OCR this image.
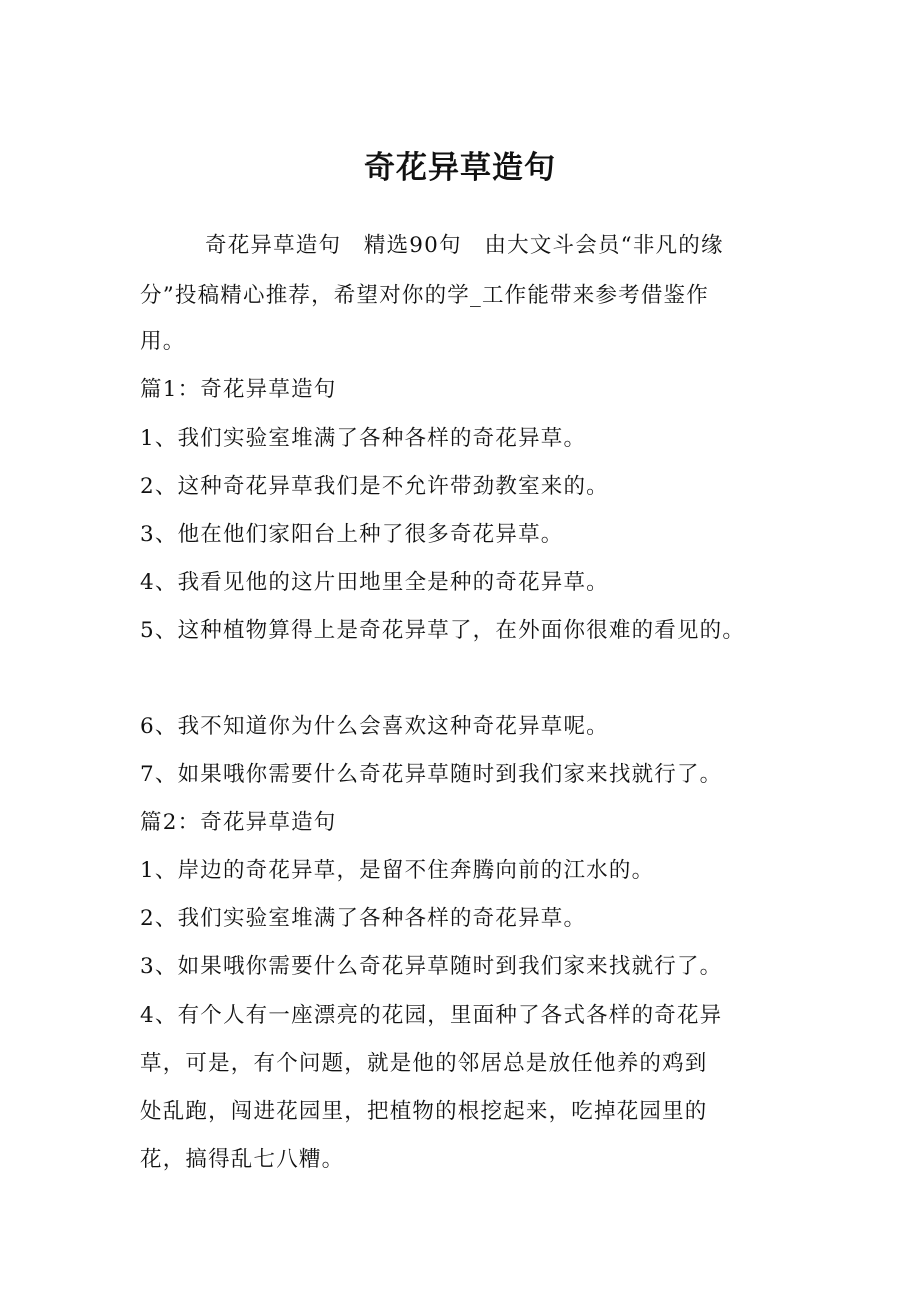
奇花异草造句
奇花异草造句　精选90句　由大文斗会员“非凡的缘
分”投稿精心推荐，希望对你的学_工作能带来参考借鉴作
用。
篇1：奇花异草造句
1、我们实验室堆满了各种各样的奇花异草。
2、这种奇花异草我们是不允许带劲教室来的。
3、他在他们家阳台上种了很多奇花异草。
4、我看见他的这片田地里全是种的奇花异草。
5、这种植物算得上是奇花异草了，在外面你很难的看见的。
6、我不知道你为什么会喜欢这种奇花异草呢。
7、如果哦你需要什么奇花异草随时到我们家来找就行了。
篇2：奇花异草造句
1、岸边的奇花异草，是留不住奔腾向前的江水的。
2、我们实验室堆满了各种各样的奇花异草。
3、如果哦你需要什么奇花异草随时到我们家来找就行了。
4、有个人有一座漂亮的花园，里面种了各式各样的奇花异
草，可是，有个问题，就是他的邻居总是放任他养的鸡到
处乱跑，闯进花园里，把植物的根挖起来，吃掉花园里的
花，搞得乱七八糟。
